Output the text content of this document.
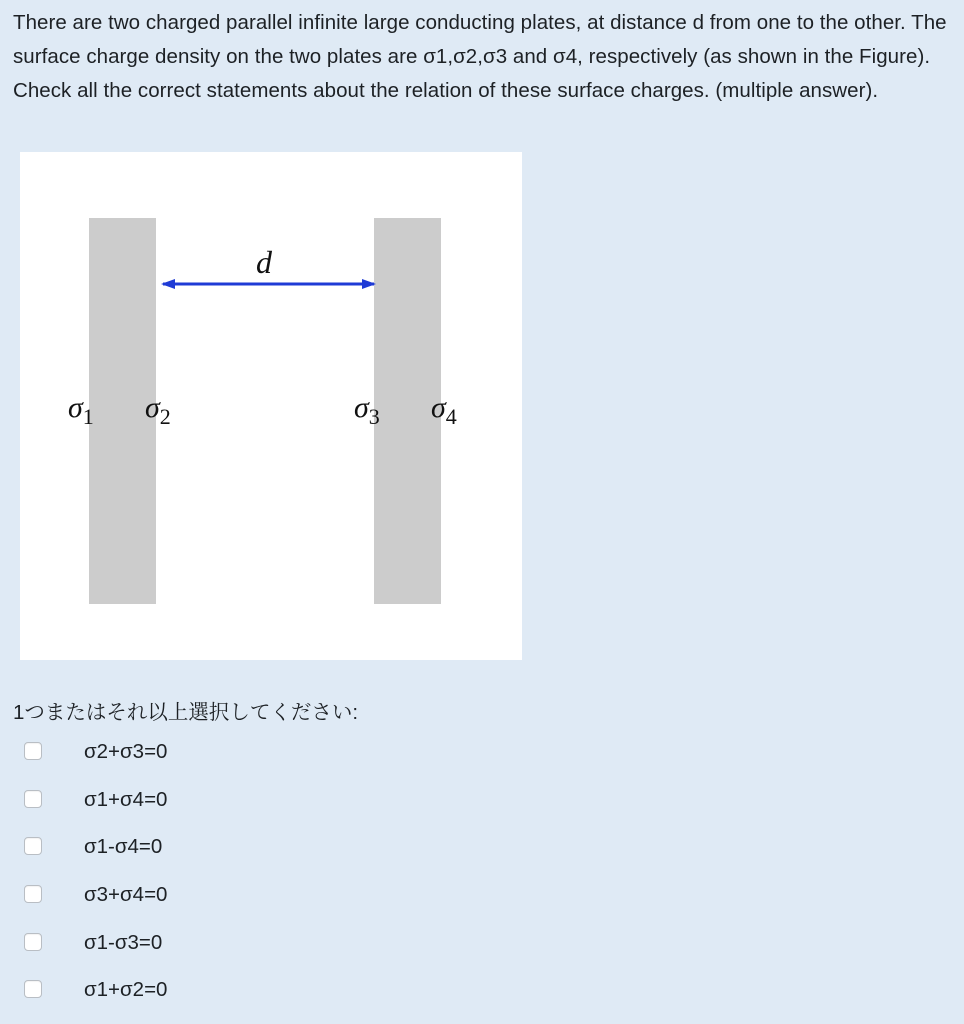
There are two charged parallel infinite large conducting plates, at distance d from one to the other. The surface charge density on the two plates are σ1,σ2,σ3 and σ4, respectively (as shown in the Figure). Check all the correct statements about the relation of these surface charges. (multiple answer).
d
$\sigma_1$ $\sigma_2$	$\sigma_3$ $\sigma_4$
1つまたはそれ以上選択してください:
σ2+σ3=0
σ1+σ4=0
σ1-σ4=0
σ3+σ4=0
σ1-σ3=0
σ1+σ2=0
